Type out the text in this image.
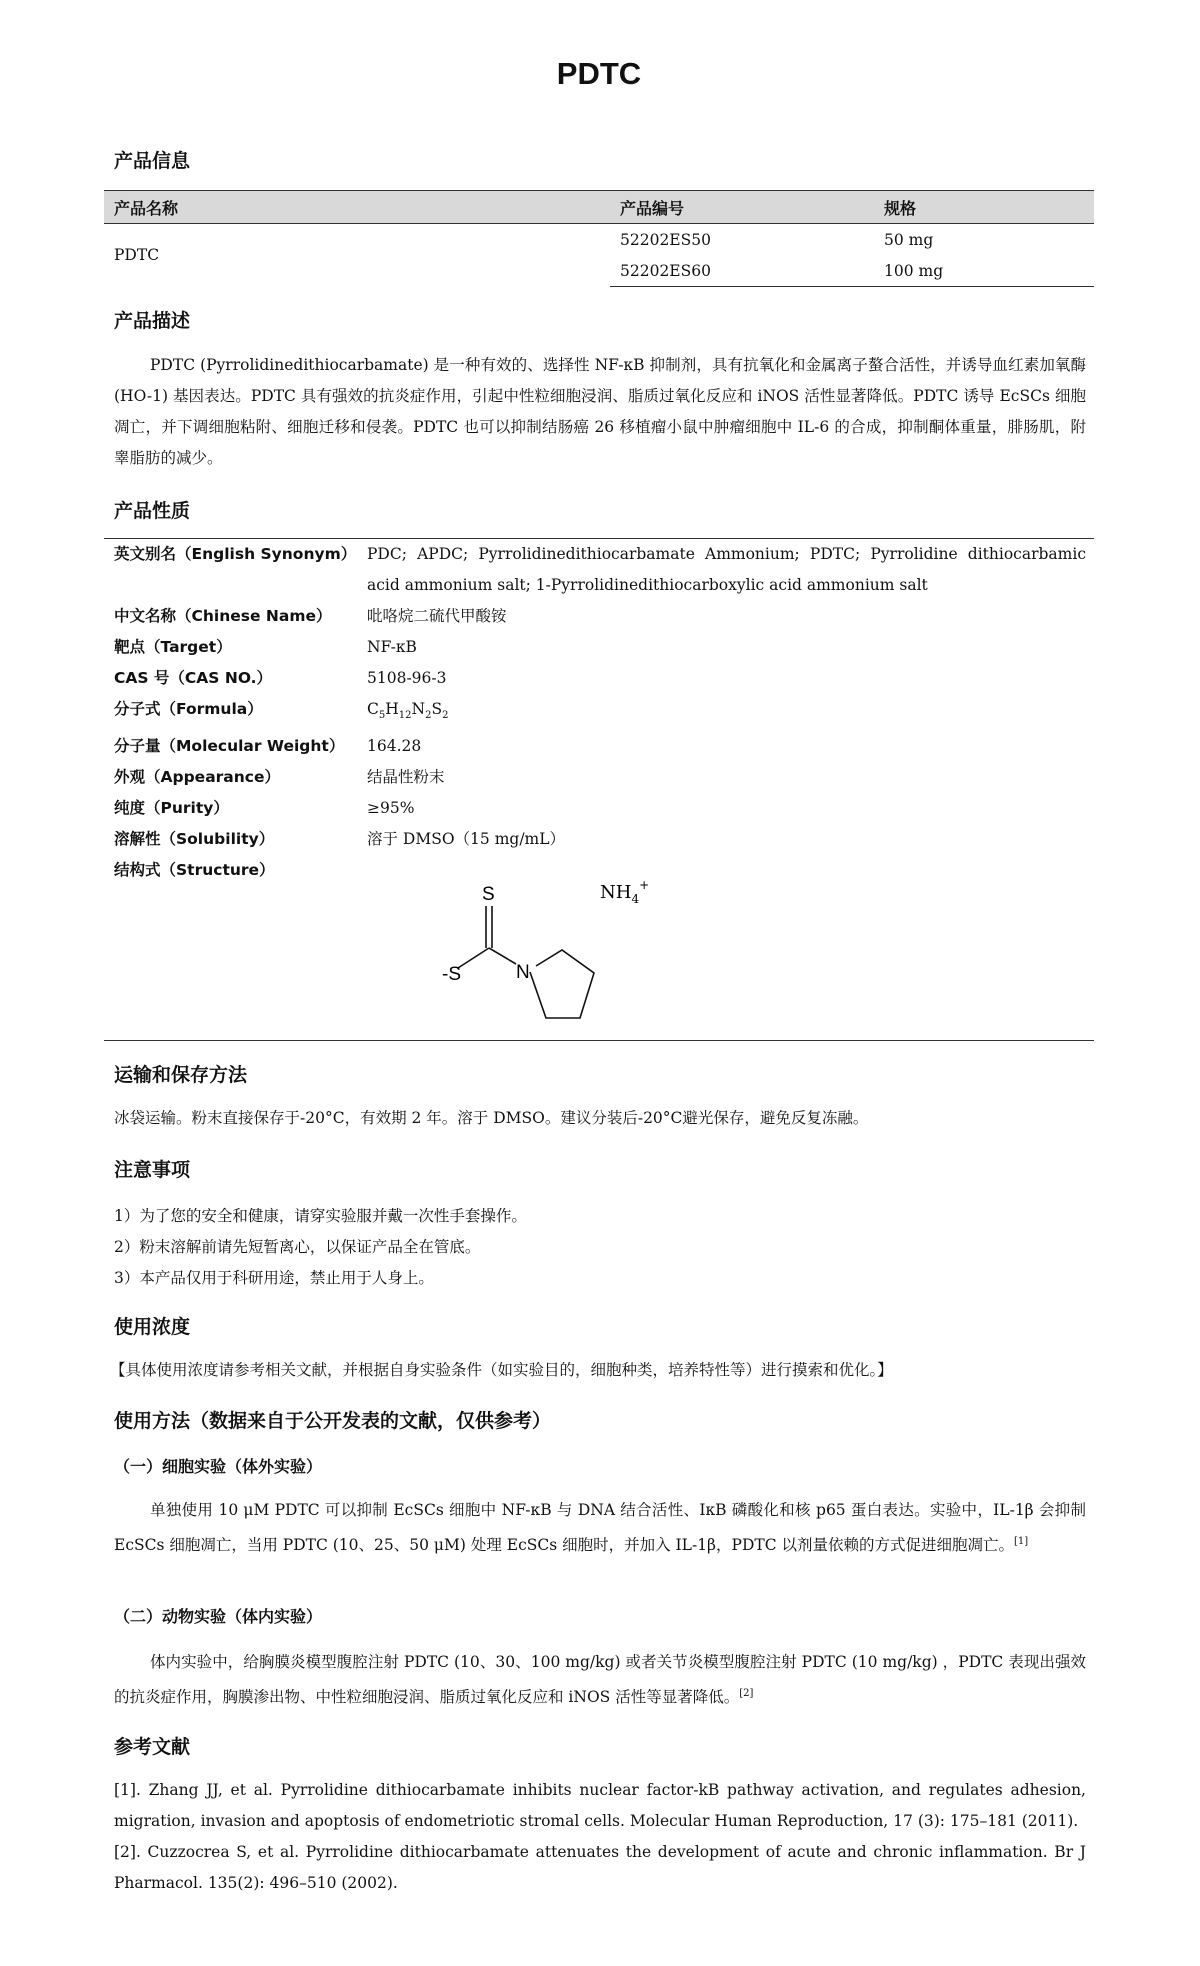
PDTC
产品信息
产品名称	产品编号	规格
PDTC	52202ES50	50 mg
	52202ES60	100 mg
产品描述

PDTC (Pyrrolidinedithiocarbamate) 是一种有效的、选择性 NF-κB 抑制剂，具有抗氧化和金属离子螯合活性，并诱导血红素加氧酶 (HO-1) 基因表达。PDTC 具有强效的抗炎症作用，引起中性粒细胞浸润、脂质过氧化反应和 iNOS 活性显著降低。PDTC 诱导 EcSCs 细胞凋亡，并下调细胞粘附、细胞迁移和侵袭。PDTC 也可以抑制结肠癌 26 移植瘤小鼠中肿瘤细胞中 IL-6 的合成，抑制酮体重量，腓肠肌，附睾脂肪的减少。

产品性质
英文别名（English Synonym） PDC; APDC; Pyrrolidinedithiocarbamate Ammonium; PDTC; Pyrrolidine dithiocarbamic acid ammonium salt; 1-Pyrrolidinedithiocarboxylic acid ammonium salt
中文名称（Chinese Name）	吡咯烷二硫代甲酸铵
靶点（Target）	NF-κB
CAS 号（CAS NO.）	5108-96-3
分子式（Formula）	$C_5H_{12}N_2S_2$
分子量（Molecular Weight）	164.28
外观（Appearance）	结晶性粉末
纯度（Purity）	≥95%
溶解性（Solubility）	溶于 DMSO（15 mg/mL）
结构式（Structure）
S
-S	N
$NH_4^+$
运输和保存方法

冰袋运输。粉末直接保存于-20°C，有效期 2 年。溶于 DMSO。建议分装后-20°C避光保存，避免反复冻融。

注意事项
1）为了您的安全和健康，请穿实验服并戴一次性手套操作。
2）粉末溶解前请先短暂离心，以保证产品全在管底。
3）本产品仅用于科研用途，禁止用于人身上。
使用浓度

【具体使用浓度请参考相关文献，并根据自身实验条件（如实验目的，细胞种类，培养特性等）进行摸索和优化。】

使用方法（数据来自于公开发表的文献，仅供参考）
（一）细胞实验（体外实验）

单独使用 10 μM PDTC 可以抑制 EcSCs 细胞中 NF-κB 与 DNA 结合活性、IκB 磷酸化和核 p65 蛋白表达。实验中，IL-1β 会抑制 EcSCs 细胞凋亡，当用 PDTC (10、25、50 μM) 处理 EcSCs 细胞时，并加入 IL-1β，PDTC 以剂量依赖的方式促进细胞凋亡。[1]

（二）动物实验（体内实验）

体内实验中，给胸膜炎模型腹腔注射 PDTC (10、30、100 mg/kg) 或者关节炎模型腹腔注射 PDTC (10 mg/kg) ，PDTC 表现出强效的抗炎症作用，胸膜渗出物、中性粒细胞浸润、脂质过氧化反应和 iNOS 活性等显著降低。[2]

参考文献

[1]. Zhang JJ, et al. Pyrrolidine dithiocarbamate inhibits nuclear factor-kB pathway activation, and regulates adhesion, migration, invasion and apoptosis of endometriotic stromal cells. Molecular Human Reproduction, 17 (3): 175–181 (2011).

[2]. Cuzzocrea S, et al. Pyrrolidine dithiocarbamate attenuates the development of acute and chronic inflammation. Br J Pharmacol. 135(2): 496–510 (2002).
